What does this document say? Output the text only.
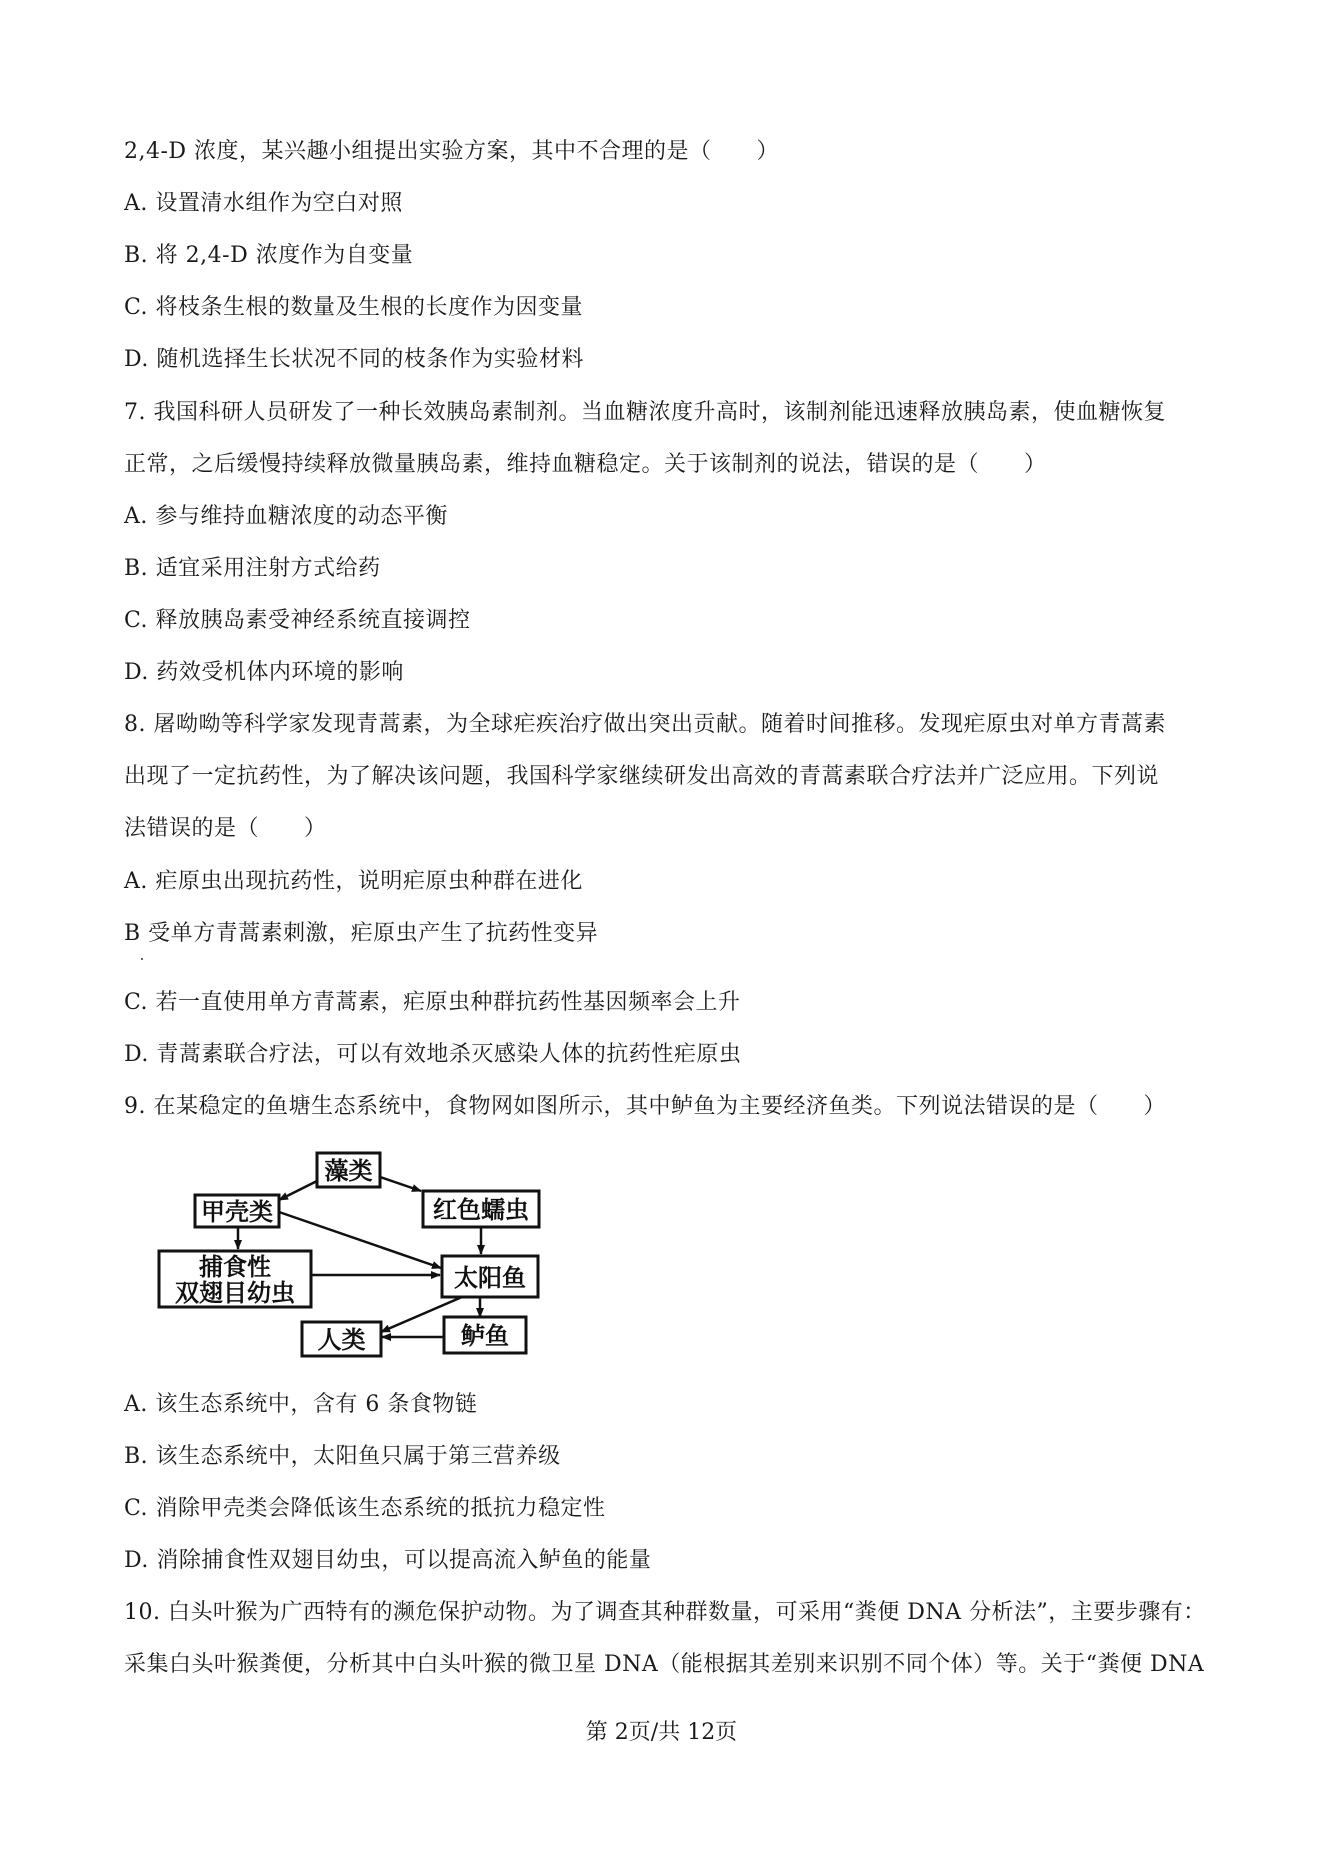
2,4-D 浓度，某兴趣小组提出实验方案，其中不合理的是（　　）
A. 设置清水组作为空白对照
B. 将 2,4-D 浓度作为自变量
C. 将枝条生根的数量及生根的长度作为因变量
D. 随机选择生长状况不同的枝条作为实验材料
7. 我国科研人员研发了一种长效胰岛素制剂。当血糖浓度升高时，该制剂能迅速释放胰岛素，使血糖恢复
正常，之后缓慢持续释放微量胰岛素，维持血糖稳定。关于该制剂的说法，错误的是（　　）
A. 参与维持血糖浓度的动态平衡
B. 适宜采用注射方式给药
C. 释放胰岛素受神经系统直接调控
D. 药效受机体内环境的影响
8. 屠呦呦等科学家发现青蒿素，为全球疟疾治疗做出突出贡献。随着时间推移。发现疟原虫对单方青蒿素
出现了一定抗药性，为了解决该问题，我国科学家继续研发出高效的青蒿素联合疗法并广泛应用。下列说
法错误的是（　　）
A. 疟原虫出现抗药性，说明疟原虫种群在进化
B 受单方青蒿素刺激，疟原虫产生了抗药性变异
C. 若一直使用单方青蒿素，疟原虫种群抗药性基因频率会上升
D. 青蒿素联合疗法，可以有效地杀灭感染人体的抗药性疟原虫
9. 在某稳定的鱼塘生态系统中，食物网如图所示，其中鲈鱼为主要经济鱼类。下列说法错误的是（　　）
藻类
甲壳类	红色蠕虫
捕食性
双翅目幼虫
太阳鱼
人类	鲈鱼
A. 该生态系统中，含有 6 条食物链
B. 该生态系统中，太阳鱼只属于第三营养级
C. 消除甲壳类会降低该生态系统的抵抗力稳定性
D. 消除捕食性双翅目幼虫，可以提高流入鲈鱼的能量
10. 白头叶猴为广西特有的濒危保护动物。为了调查其种群数量，可采用“粪便 DNA 分析法”，主要步骤有：
采集白头叶猴粪便，分析其中白头叶猴的微卫星 DNA（能根据其差别来识别不同个体）等。关于“粪便 DNA
第 2页/共 12页
